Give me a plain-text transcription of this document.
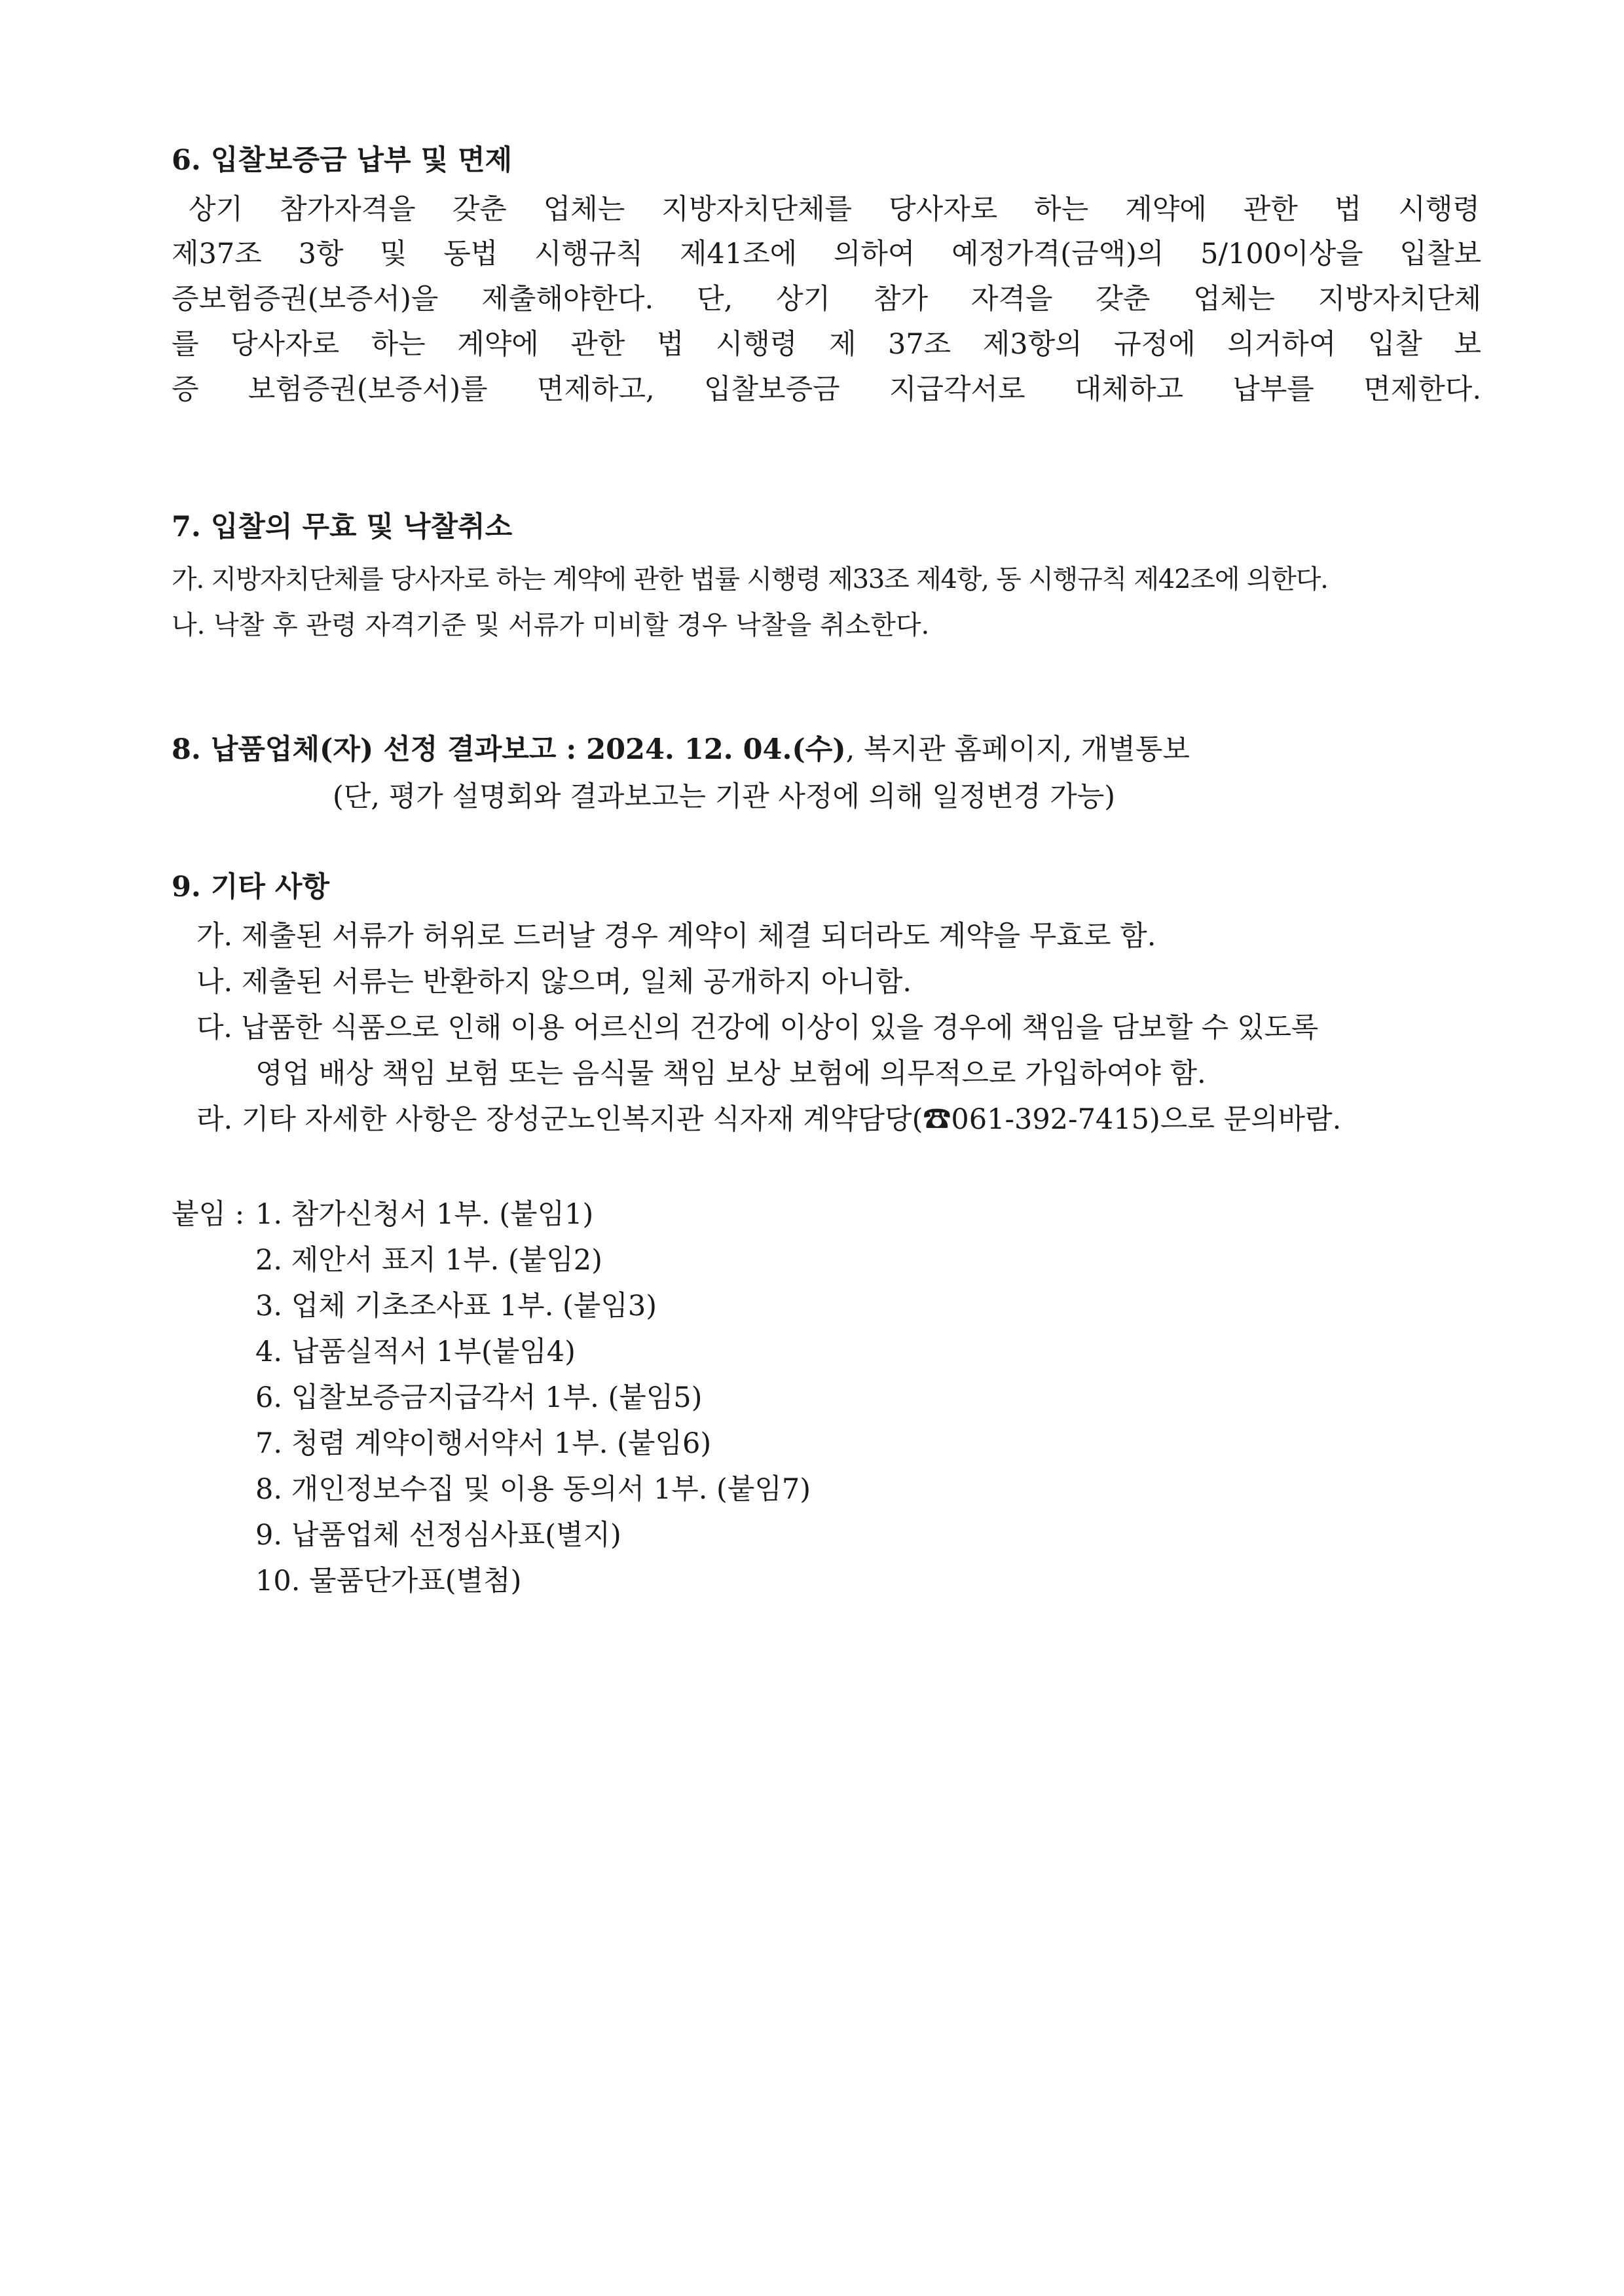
6. 입찰보증금 납부 및 면제
상기 참가자격을 갖춘 업체는 지방자치단체를 당사자로 하는 계약에 관한 법 시행령
제37조 3항 및 동법 시행규칙 제41조에 의하여 예정가격(금액)의 5/100이상을 입찰보
증보험증권(보증서)을 제출해야한다. 단, 상기 참가 자격을 갖춘 업체는 지방자치단체
를 당사자로 하는 계약에 관한 법 시행령 제 37조 제3항의 규정에 의거하여 입찰 보
증 보험증권(보증서)를 면제하고, 입찰보증금 지급각서로 대체하고 납부를 면제한다.
7. 입찰의 무효 및 낙찰취소
가. 지방자치단체를 당사자로 하는 계약에 관한 법률 시행령 제33조 제4항, 동 시행규칙 제42조에 의한다.
나. 낙찰 후 관령 자격기준 및 서류가 미비할 경우 낙찰을 취소한다.
8. 납품업체(자) 선정 결과보고 : 2024. 12. 04.(수), 복지관 홈페이지, 개별통보
(단, 평가 설명회와 결과보고는 기관 사정에 의해 일정변경 가능)
9. 기타 사항
가. 제출된 서류가 허위로 드러날 경우 계약이 체결 되더라도 계약을 무효로 함.
나. 제출된 서류는 반환하지 않으며, 일체 공개하지 아니함.
다. 납품한 식품으로 인해 이용 어르신의 건강에 이상이 있을 경우에 책임을 담보할 수 있도록
영업 배상 책임 보험 또는 음식물 책임 보상 보험에 의무적으로 가입하여야 함.
라. 기타 자세한 사항은 장성군노인복지관 식자재 계약담당(☎061-392-7415)으로 문의바람.
붙임 : 1. 참가신청서 1부. (붙임1)
2. 제안서 표지 1부. (붙임2)
3. 업체 기초조사표 1부. (붙임3)
4. 납품실적서 1부(붙임4)
6. 입찰보증금지급각서 1부. (붙임5)
7. 청렴 계약이행서약서 1부. (붙임6)
8. 개인정보수집 및 이용 동의서 1부. (붙임7)
9. 납품업체 선정심사표(별지)
10. 물품단가표(별첨)
